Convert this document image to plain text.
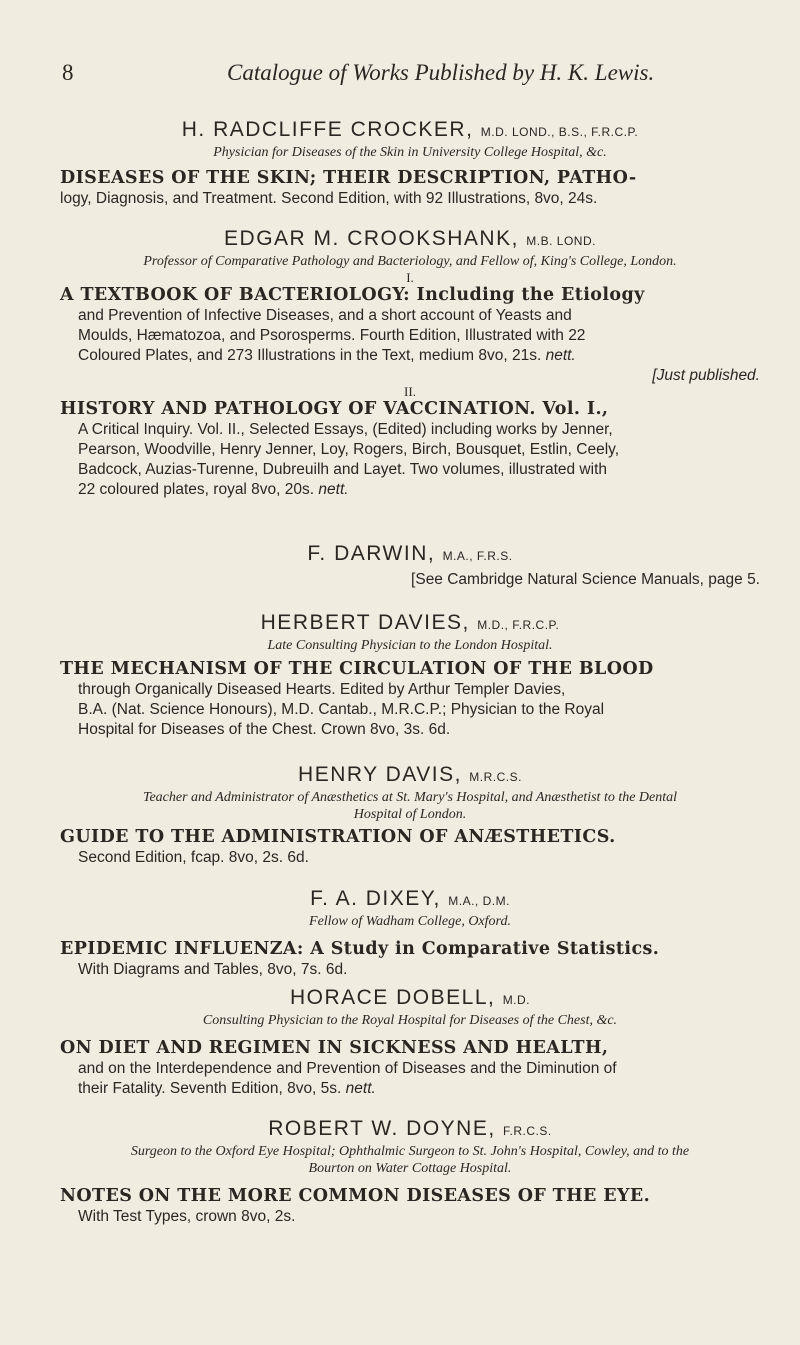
8	Catalogue of Works Published by H. K. Lewis.
H. RADCLIFFE CROCKER, M.D. LOND., B.S., F.R.C.P.
Physician for Diseases of the Skin in University College Hospital, &c.
DISEASES OF THE SKIN; THEIR DESCRIPTION, PATHO-
logy, Diagnosis, and Treatment. Second Edition, with 92 Illustrations, 8vo, 24s.
EDGAR M. CROOKSHANK, M.B. LOND.
Professor of Comparative Pathology and Bacteriology, and Fellow of, King's College, London.
I.
A TEXTBOOK OF BACTERIOLOGY: Including the Etiology
and Prevention of Infective Diseases, and a short account of Yeasts and
Moulds, Hæmatozoa, and Psorosperms. Fourth Edition, Illustrated with 22
Coloured Plates, and 273 Illustrations in the Text, medium 8vo, 21s. nett.
[Just published.
II.
HISTORY AND PATHOLOGY OF VACCINATION. Vol. I.,
A Critical Inquiry. Vol. II., Selected Essays, (Edited) including works by Jenner,
Pearson, Woodville, Henry Jenner, Loy, Rogers, Birch, Bousquet, Estlin, Ceely,
Badcock, Auzias-Turenne, Dubreuilh and Layet. Two volumes, illustrated with
22 coloured plates, royal 8vo, 20s. nett.
F. DARWIN, M.A., F.R.S.
[See Cambridge Natural Science Manuals, page 5.
HERBERT DAVIES, M.D., F.R.C.P.
Late Consulting Physician to the London Hospital.
THE MECHANISM OF THE CIRCULATION OF THE BLOOD
through Organically Diseased Hearts. Edited by Arthur Templer Davies,
B.A. (Nat. Science Honours), M.D. Cantab., M.R.C.P.; Physician to the Royal
Hospital for Diseases of the Chest. Crown 8vo, 3s. 6d.
HENRY DAVIS, M.R.C.S.
Teacher and Administrator of Anæsthetics at St. Mary's Hospital, and Anæsthetist to the Dental
Hospital of London.
GUIDE TO THE ADMINISTRATION OF ANÆSTHETICS.
Second Edition, fcap. 8vo, 2s. 6d.
F. A. DIXEY, M.A., D.M.
Fellow of Wadham College, Oxford.
EPIDEMIC INFLUENZA: A Study in Comparative Statistics.
With Diagrams and Tables, 8vo, 7s. 6d.
HORACE DOBELL, M.D.
Consulting Physician to the Royal Hospital for Diseases of the Chest, &c.
ON DIET AND REGIMEN IN SICKNESS AND HEALTH,
and on the Interdependence and Prevention of Diseases and the Diminution of
their Fatality. Seventh Edition, 8vo, 5s. nett.
ROBERT W. DOYNE, F.R.C.S.
Surgeon to the Oxford Eye Hospital; Ophthalmic Surgeon to St. John's Hospital, Cowley, and to the
Bourton on Water Cottage Hospital.
NOTES ON THE MORE COMMON DISEASES OF THE EYE.
With Test Types, crown 8vo, 2s.
